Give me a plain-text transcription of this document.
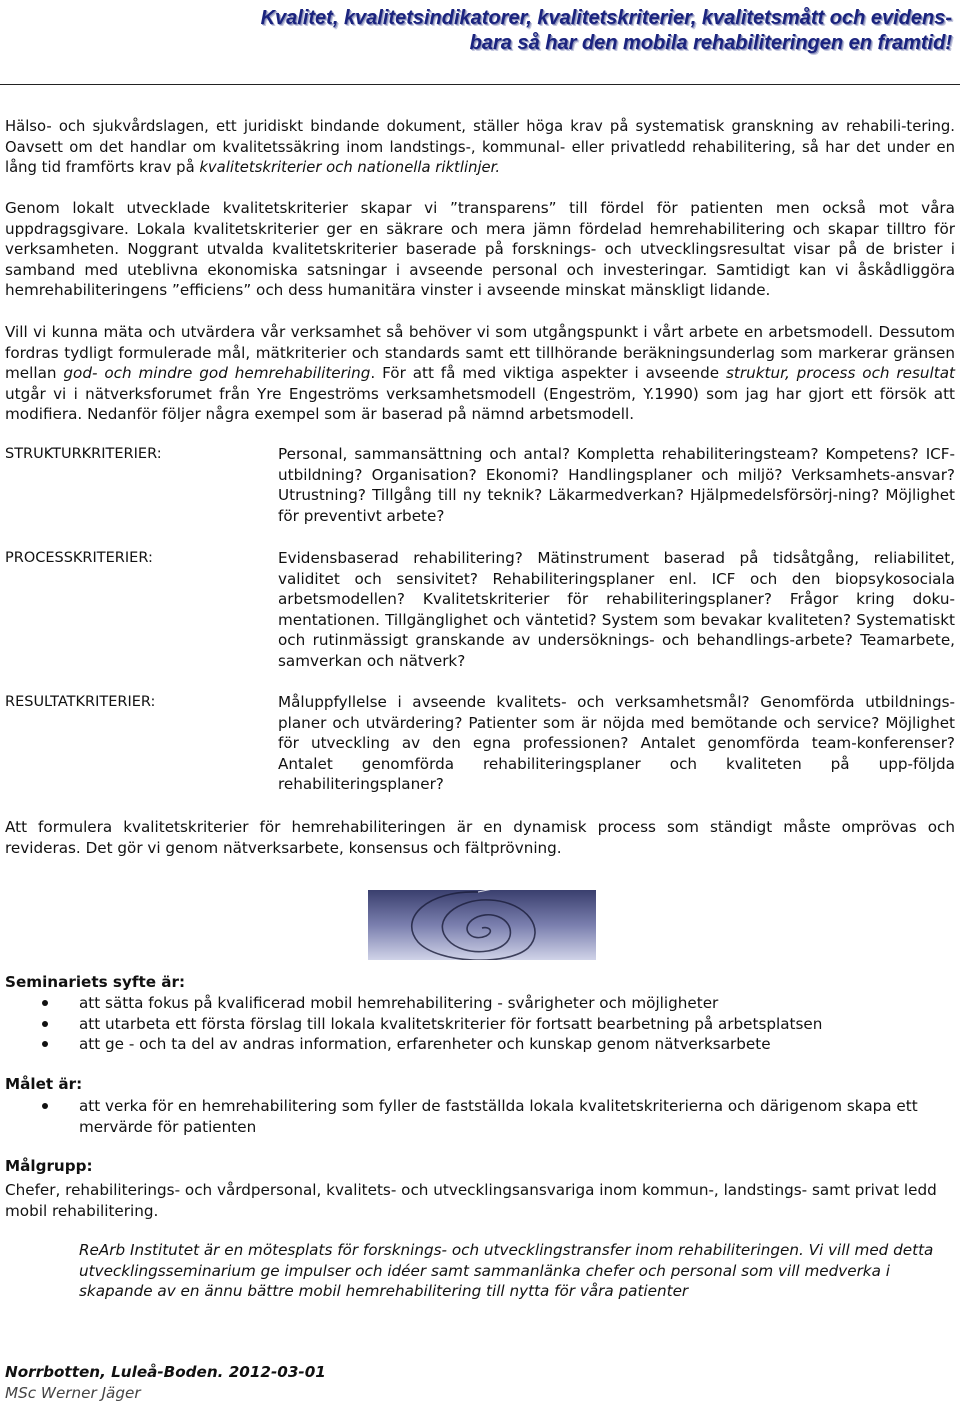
Kvalitet, kvalitetsindikatorer, kvalitetskriterier, kvalitetsmått och evidens-
bara så har den mobila rehabiliteringen en framtid!

Hälso- och sjukvårdslagen, ett juridiskt bindande dokument, ställer höga krav på systematisk granskning av rehabili-tering. Oavsett om det handlar om kvalitetssäkring inom landstings-, kommunal- eller privatledd rehabilitering, så har det under en lång tid framförts krav på kvalitetskriterier och nationella riktlinjer.

Genom lokalt utvecklade kvalitetskriterier skapar vi ”transparens” till fördel för patienten men också mot våra uppdragsgivare. Lokala kvalitetskriterier ger en säkrare och mera jämn fördelad hemrehabilitering och skapar tilltro för verksamheten. Noggrant utvalda kvalitetskriterier baserade på forsknings- och utvecklingsresultat visar på de brister i samband med uteblivna ekonomiska satsningar i avseende personal och investeringar. Samtidigt kan vi åskådliggöra hemrehabiliteringens ”efficiens” och dess humanitära vinster i avseende minskat mänskligt lidande.

Vill vi kunna mäta och utvärdera vår verksamhet så behöver vi som utgångspunkt i vårt arbete en arbetsmodell. Dessutom fordras tydligt formulerade mål, mätkriterier och standards samt ett tillhörande beräkningsunderlag som markerar gränsen mellan god- och mindre god hemrehabilitering. För att få med viktiga aspekter i avseende struktur, process och resultat utgår vi i nätverksforumet från Yre Engeströms verksamhetsmodell (Engeström, Y.1990) som jag har gjort ett försök att modifiera. Nedanför följer några exempel som är baserad på nämnd arbetsmodell.

STRUKTURKRITERIER:	Personal, sammansättning och antal? Kompletta rehabiliteringsteam? Kompetens? ICF-utbildning? Organisation? Ekonomi? Handlingsplaner och miljö? Verksamhets-ansvar? Utrustning? Tillgång till ny teknik? Läkarmedverkan? Hjälpmedelsförsörj-ning? Möjlighet för preventivt arbete?
PROCESSKRITERIER:	Evidensbaserad rehabilitering? Mätinstrument baserad på tidsåtgång, reliabilitet, validitet och sensivitet? Rehabiliteringsplaner enl. ICF och den biopsykosociala arbetsmodellen? Kvalitetskriterier för rehabiliteringsplaner? Frågor kring doku-mentationen. Tillgänglighet och väntetid? System som bevakar kvaliteten? Systematiskt och rutinmässigt granskande av undersöknings- och behandlings-arbete? Teamarbete, samverkan och nätverk?
RESULTATKRITERIER:	Måluppfyllelse i avseende kvalitets- och verksamhetsmål? Genomförda utbildnings-planer och utvärdering? Patienter som är nöjda med bemötande och service? Möjlighet för utveckling av den egna professionen? Antalet genomförda team-konferenser? Antalet genomförda rehabiliteringsplaner och kvaliteten på upp-följda rehabiliteringsplaner?

Att formulera kvalitetskriterier för hemrehabiliteringen är en dynamisk process som ständigt måste omprövas och revideras. Det gör vi genom nätverksarbete, konsensus och fältprövning.

Seminariets syfte är:
att sätta fokus på kvalificerad mobil hemrehabilitering - svårigheter och möjligheter
att utarbeta ett första förslag till lokala kvalitetskriterier för fortsatt bearbetning på arbetsplatsen
att ge - och ta del av andras information, erfarenheter och kunskap genom nätverksarbete
Målet är:
att verka för en hemrehabilitering som fyller de fastställda lokala kvalitetskriterierna och därigenom skapa ett mervärde för patienten
Målgrupp:
Chefer, rehabiliterings- och vårdpersonal, kvalitets- och utvecklingsansvariga inom kommun-, landstings- samt privat ledd mobil rehabilitering.
ReArb Institutet är en mötesplats för forsknings- och utvecklingstransfer inom rehabiliteringen. Vi vill med detta utvecklingsseminarium ge impulser och idéer samt sammanlänka chefer och personal som vill medverka i skapande av en ännu bättre mobil hemrehabilitering till nytta för våra patienter
Norrbotten, Luleå-Boden. 2012-03-01
MSc Werner Jäger
